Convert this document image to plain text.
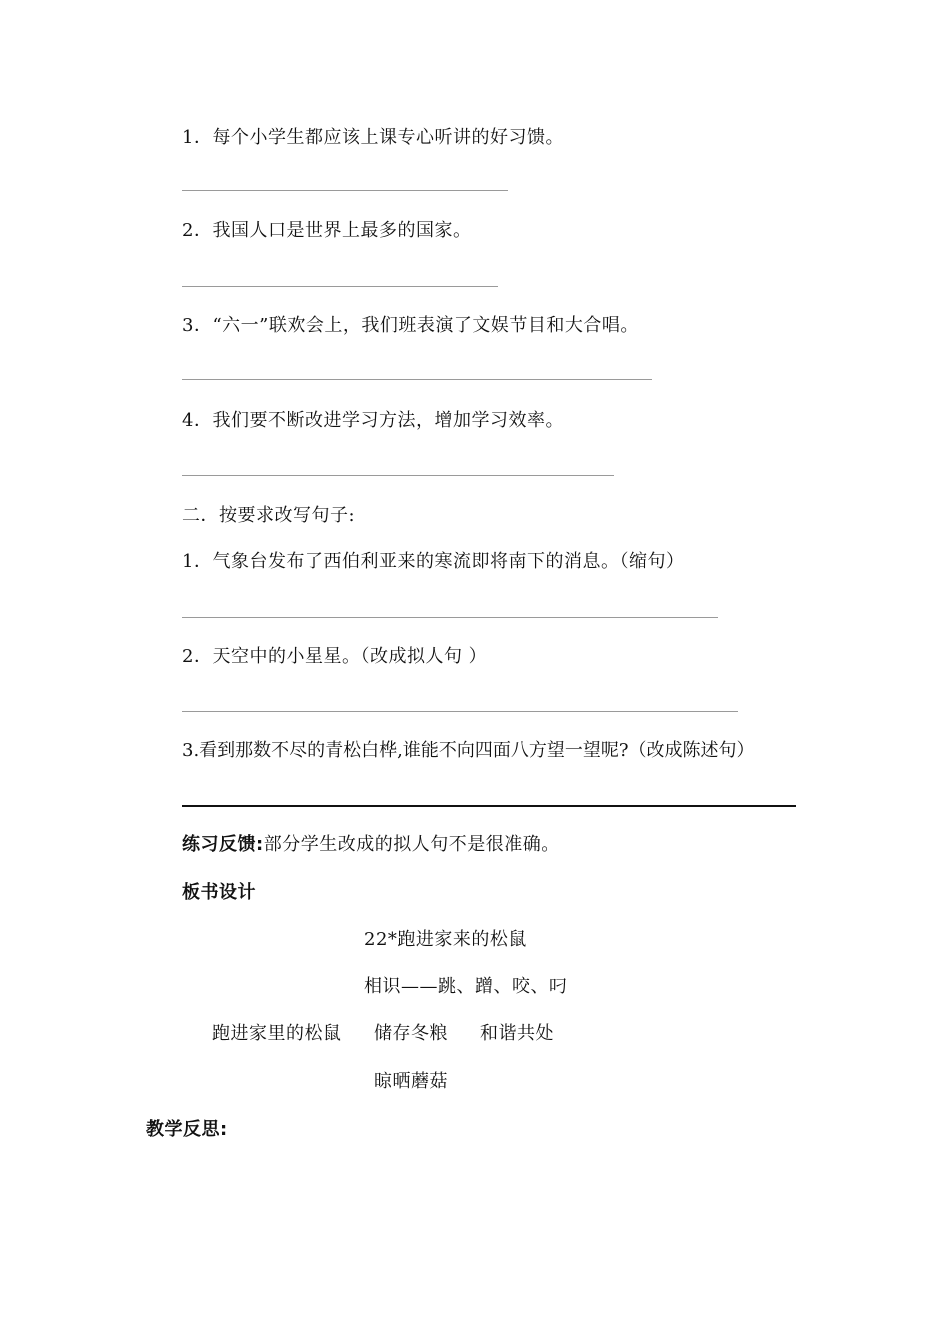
1．每个小学生都应该上课专心听讲的好习馈。
2．我国人口是世界上最多的国家。
3．“六一”联欢会上，我们班表演了文娱节目和大合唱。
4．我们要不断改进学习方法，增加学习效率。
二．按要求改写句子:
1．气象台发布了西伯利亚来的寒流即将南下的消息。（缩句）
2．天空中的小星星。（改成拟人句 ）
3.看到那数不尽的青松白桦,谁能不向四面八方望一望呢?（改成陈述句）
练习反馈:部分学生改成的拟人句不是很准确。
板书设计
22*跑进家来的松鼠
相识——跳、蹭、咬、叼
跑进家里的松鼠 储存冬粮 和谐共处
晾晒蘑菇
教学反思:
